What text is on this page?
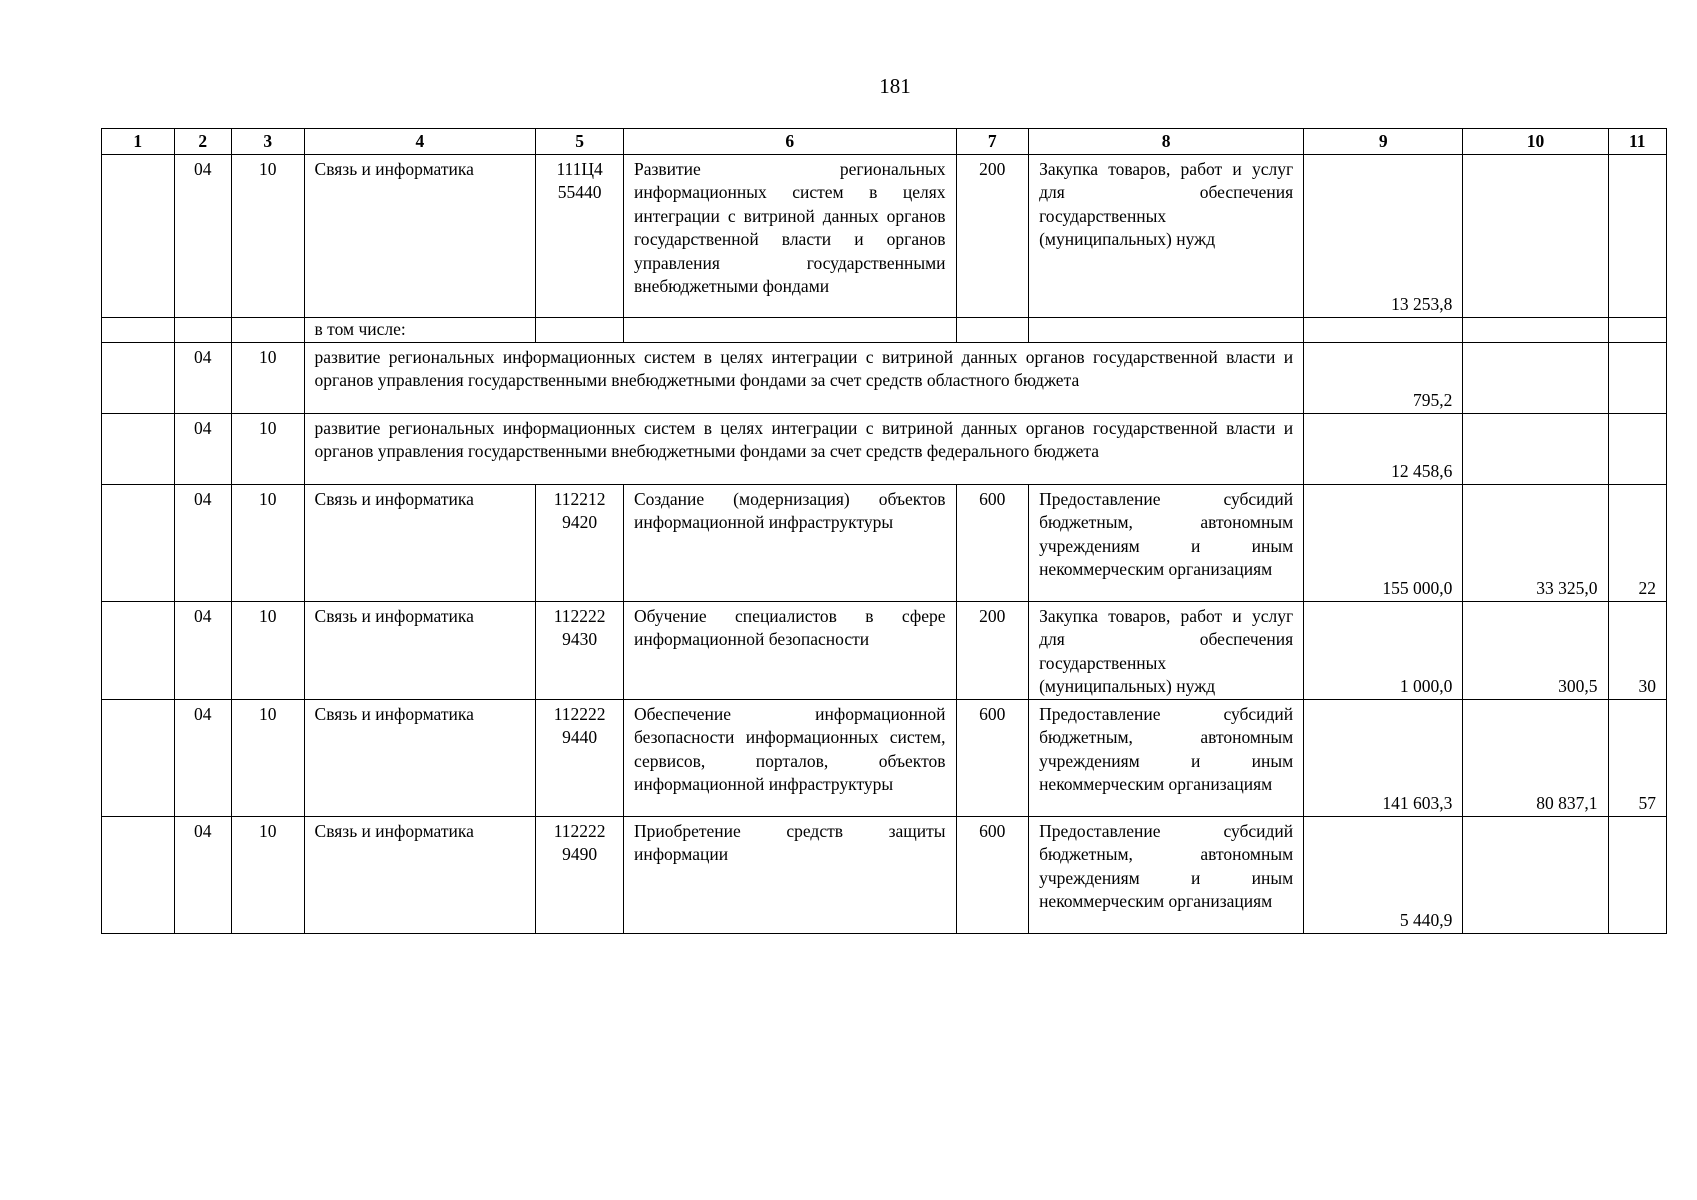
181
1	2	3	4	5	6	7	8	9	10	11
	04	10	Связь и информатика	111Ц4 55440	Развитие региональных информационных систем в целях интеграции с витриной данных органов государственной власти и органов управления государственными внебюджетными фондами	200	Закупка товаров, работ и услуг для обеспечения государственных (муниципальных) нужд	13 253,8		
			в том числе:							
	04	10	развитие региональных информационных систем в целях интеграции с витриной данных органов государственной власти и органов управления государственными внебюджетными фондами за счет средств областного бюджета					795,2		
	04	10	развитие региональных информационных систем в целях интеграции с витриной данных органов государственной власти и органов управления государственными внебюджетными фондами за счет средств федерального бюджета					12 458,6		
	04	10	Связь и информатика	112212 9420	Создание (модернизация) объектов информационной инфраструктуры	600	Предоставление субсидий бюджетным, автономным учреждениям и иным некоммерческим организациям	155 000,0	33 325,0	22
	04	10	Связь и информатика	112222 9430	Обучение специалистов в сфере информационной безопасности	200	Закупка товаров, работ и услуг для обеспечения государственных (муниципальных) нужд	1 000,0	300,5	30
	04	10	Связь и информатика	112222 9440	Обеспечение информационной безопасности информационных систем, сервисов, порталов, объектов информационной инфраструктуры	600	Предоставление субсидий бюджетным, автономным учреждениям и иным некоммерческим организациям	141 603,3	80 837,1	57
	04	10	Связь и информатика	112222 9490	Приобретение средств защиты информации	600	Предоставление субсидий бюджетным, автономным учреждениям и иным некоммерческим организациям	5 440,9		
